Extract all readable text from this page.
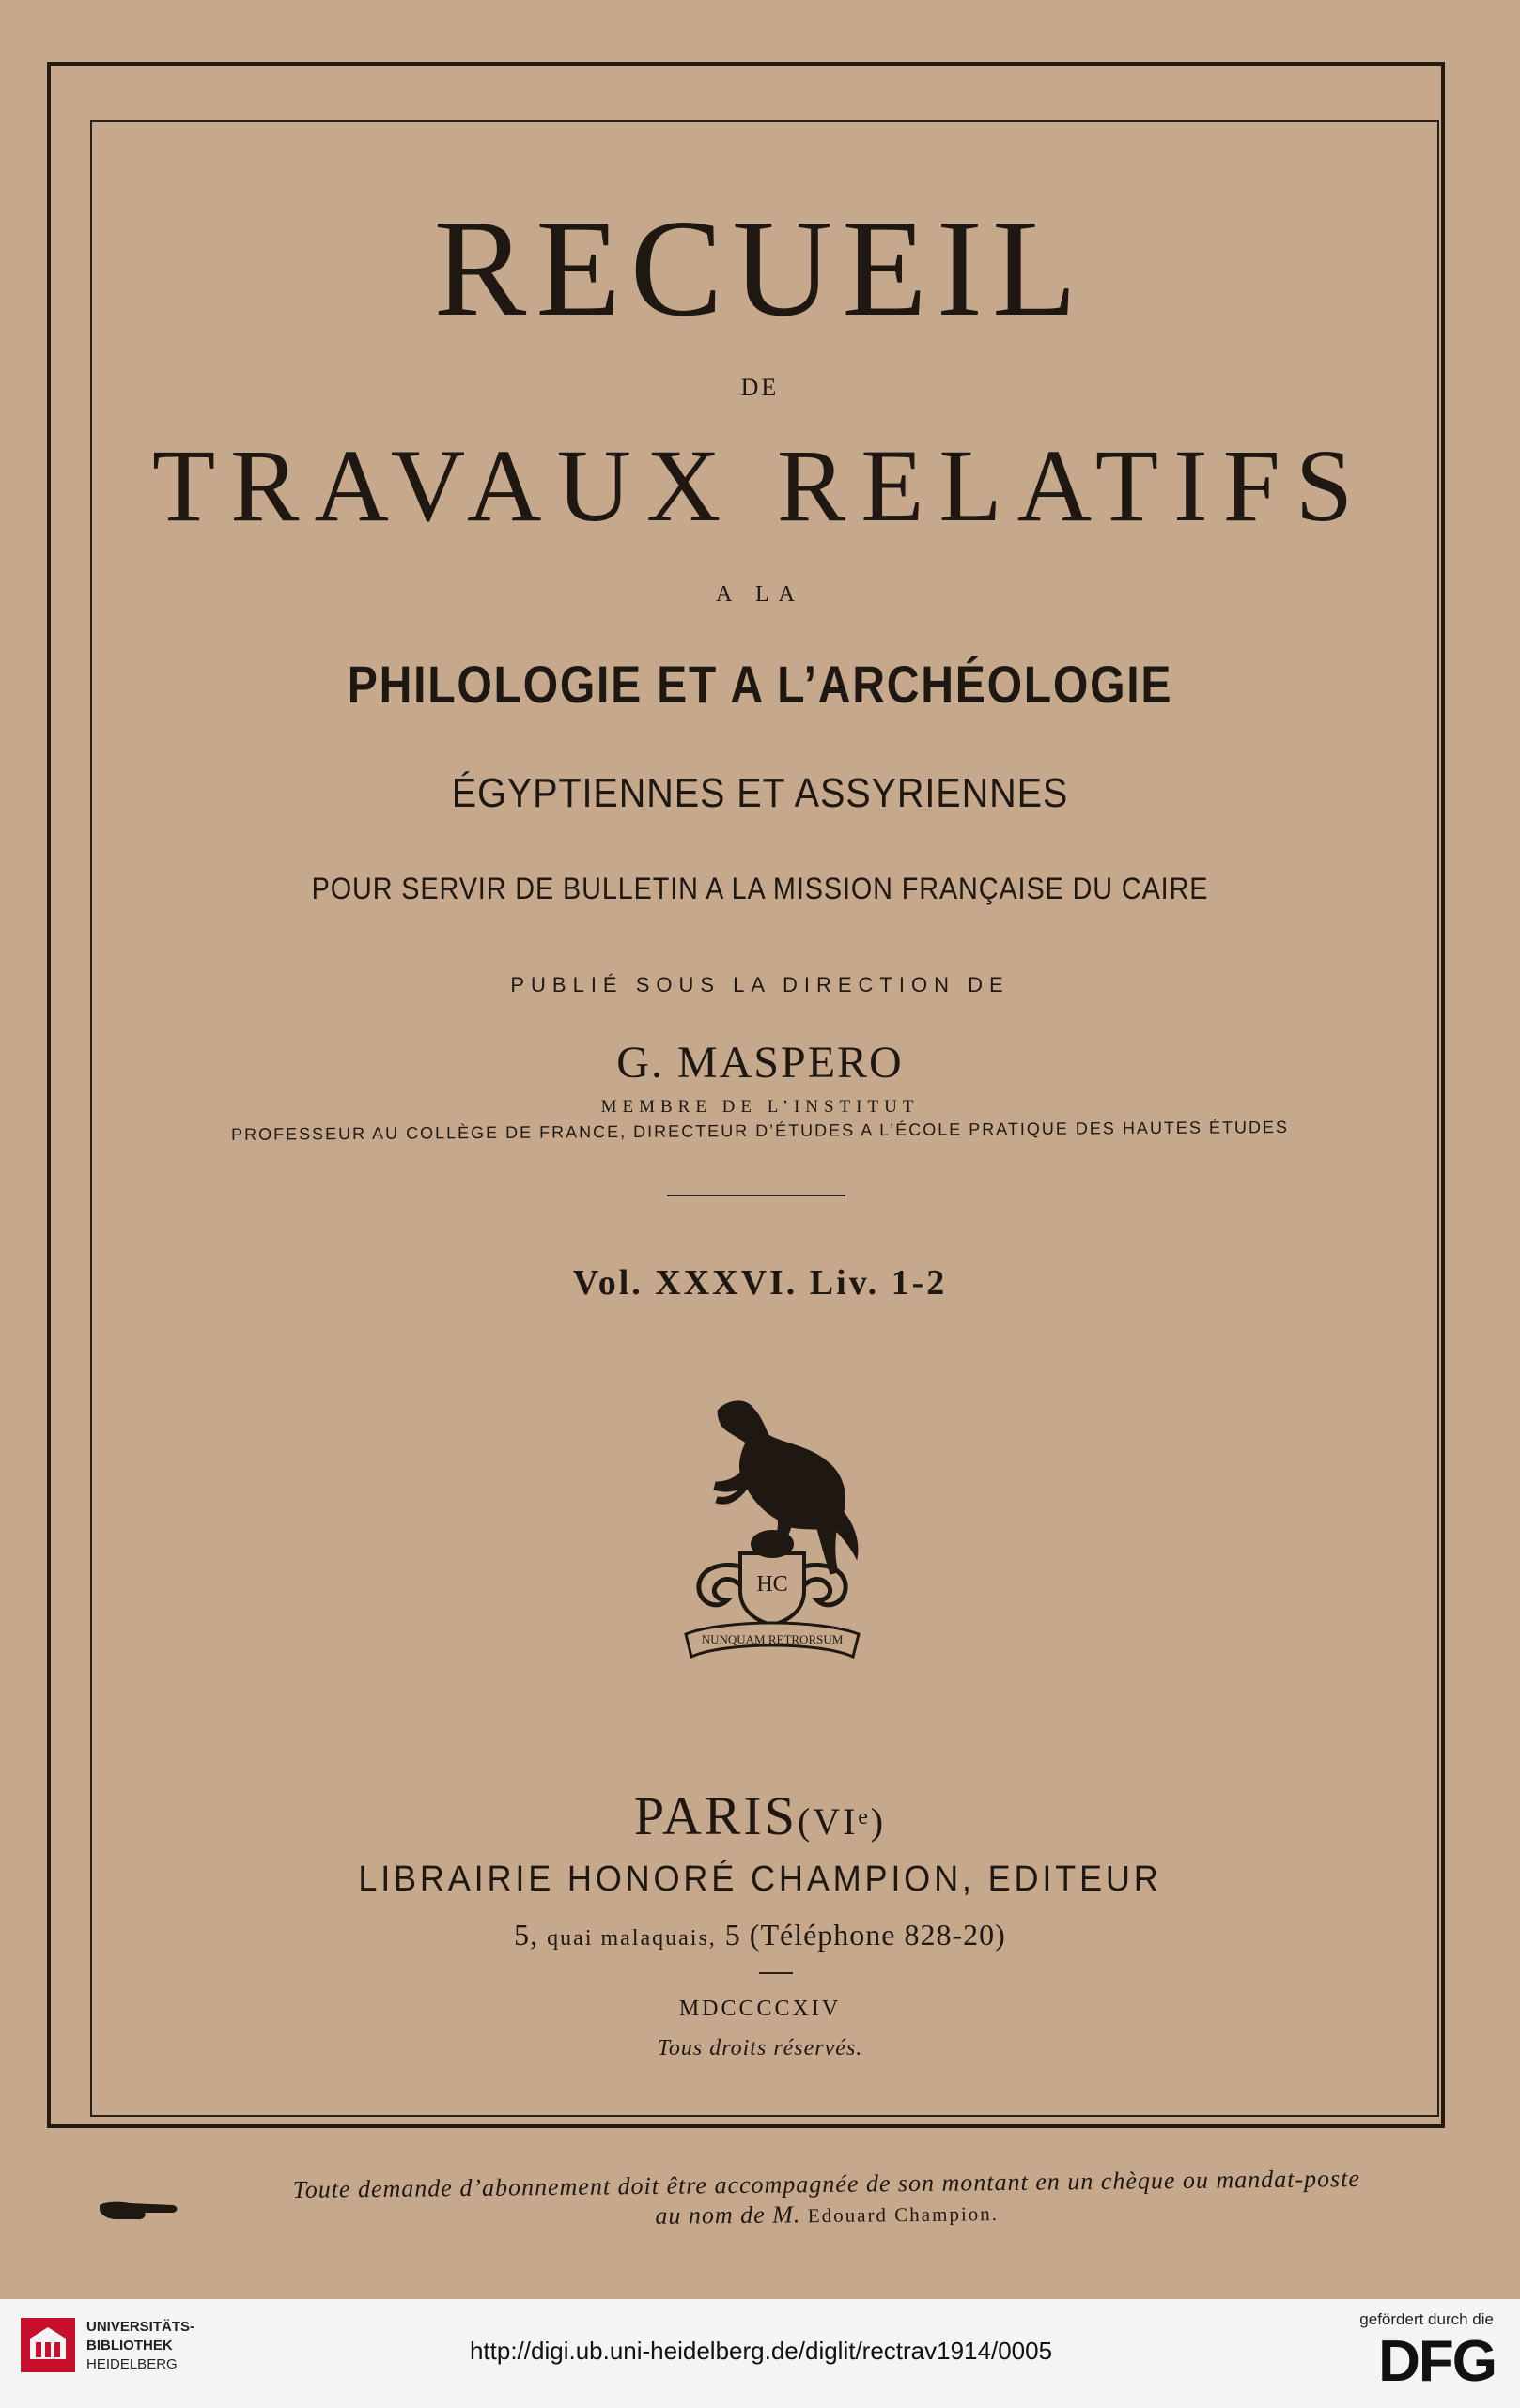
RECUEIL
DE
TRAVAUX RELATIFS
A LA
PHILOLOGIE ET A L’ARCHÉOLOGIE
ÉGYPTIENNES ET ASSYRIENNES
POUR SERVIR DE BULLETIN A LA MISSION FRANÇAISE DU CAIRE
PUBLIÉ SOUS LA DIRECTION DE
G. MASPERO
MEMBRE DE L’INSTITUT
PROFESSEUR AU COLLÈGE DE FRANCE, DIRECTEUR D’ÉTUDES A L’ÉCOLE PRATIQUE DES HAUTES ÉTUDES
Vol. XXXVI. Liv. 1-2
HC
NUNQUAM RETRORSUM
PARIS(VIᵉ)
LIBRAIRIE HONORÉ CHAMPION, EDITEUR
5, quai malaquais, 5 (Téléphone 828-20)
MDCCCCXIV
Tous droits réservés.
Toute demande d’abonnement doit être accompagnée de son montant en un chèque ou mandat-poste
au nom de M. Edouard Champion.
UNIVERSITÄTS-
BIBLIOTHEK
HEIDELBERG	http://digi.ub.uni-heidelberg.de/diglit/rectrav1914/0005
gefördert durch die
DFG
